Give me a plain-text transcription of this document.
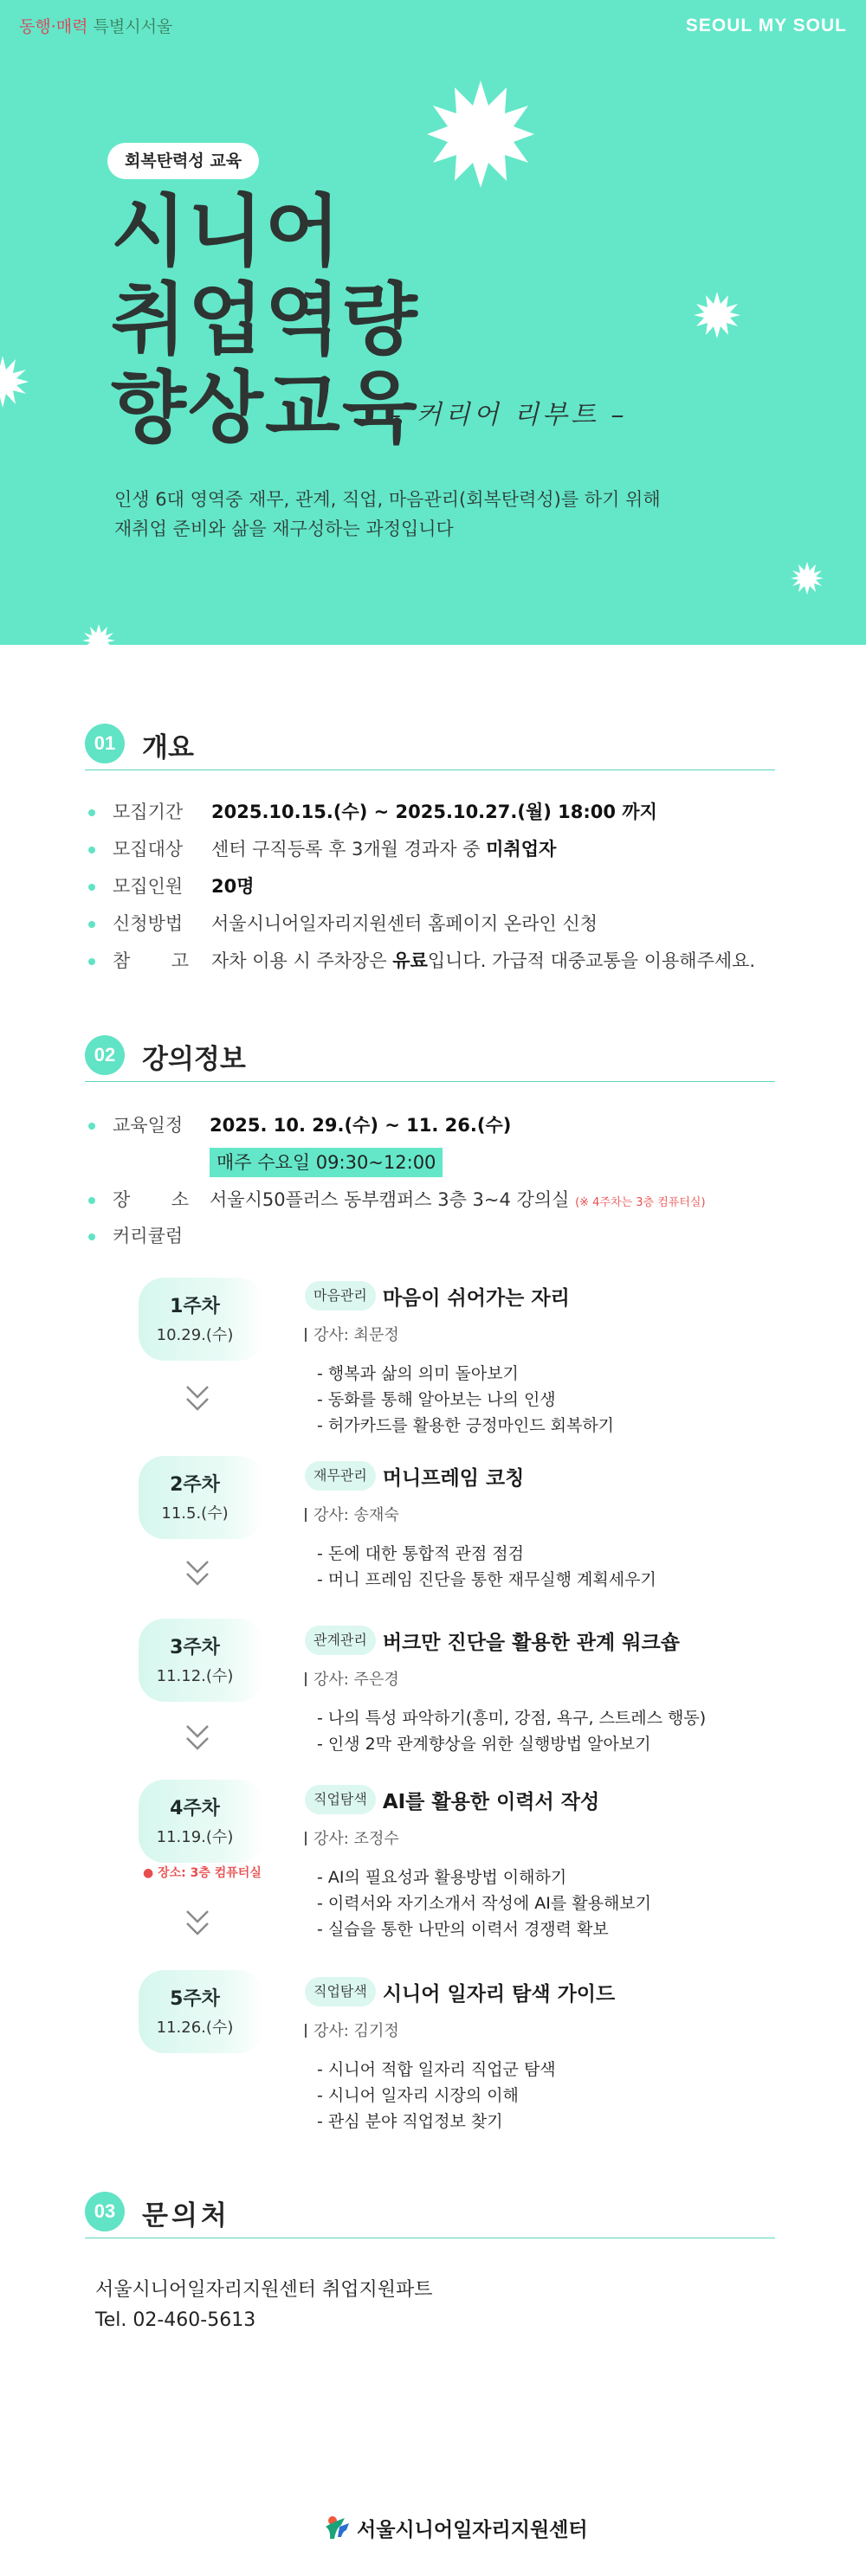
동행·매력 특별시서울	SEOUL MY SOUL
회복탄력성 교육
시니어
취업역량
향상교육
– 커리어 리부트 –
인생 6대 영역중 재무, 관계, 직업, 마음관리(회복탄력성)를 하기 위해
재취업 준비와 삶을 재구성하는 과정입니다
01 개요
모집기간	2025.10.15.(수) ~ 2025.10.27.(월) 18:00 까지
모집대상	센터 구직등록 후 3개월 경과자 중 미취업자
모집인원	20명
신청방법	서울시니어일자리지원센터 홈페이지 온라인 신청
참 고 자차 이용 시 주차장은 유료입니다. 가급적 대중교통을 이용해주세요.
02 강의정보
교육일정	2025. 10. 29.(수) ~ 11. 26.(수)
매주 수요일 09:30~12:00
장 소 서울시50플러스 동부캠퍼스 3층 3~4 강의실 (※ 4주차는 3층 컴퓨터실)
커리큘럼
1주차
10.29.(수)
마음관리 마음이 쉬어가는 자리
강사: 최문정
- 행복과 삶의 의미 돌아보기
- 동화를 통해 알아보는 나의 인생
- 허가카드를 활용한 긍정마인드 회복하기
2주차
11.5.(수)
재무관리 머니프레임 코칭
강사: 송재숙
- 돈에 대한 통합적 관점 점검
- 머니 프레임 진단을 통한 재무실행 계획세우기
3주차
11.12.(수)
관계관리 버크만 진단을 활용한 관계 워크숍
강사: 주은경
- 나의 특성 파악하기(흥미, 강점, 욕구, 스트레스 행동)
- 인생 2막 관계향상을 위한 실행방법 알아보기
4주차
11.19.(수)
● 장소: 3층 컴퓨터실
직업탐색 AI를 활용한 이력서 작성
강사: 조정수
- AI의 필요성과 활용방법 이해하기
- 이력서와 자기소개서 작성에 AI를 활용해보기
- 실습을 통한 나만의 이력서 경쟁력 확보
5주차
11.26.(수)
직업탐색 시니어 일자리 탐색 가이드
강사: 김기정
- 시니어 적합 일자리 직업군 탐색
- 시니어 일자리 시장의 이해
- 관심 분야 직업정보 찾기
03 문의처
서울시니어일자리지원센터 취업지원파트
Tel. 02-460-5613
서울시니어일자리지원센터
